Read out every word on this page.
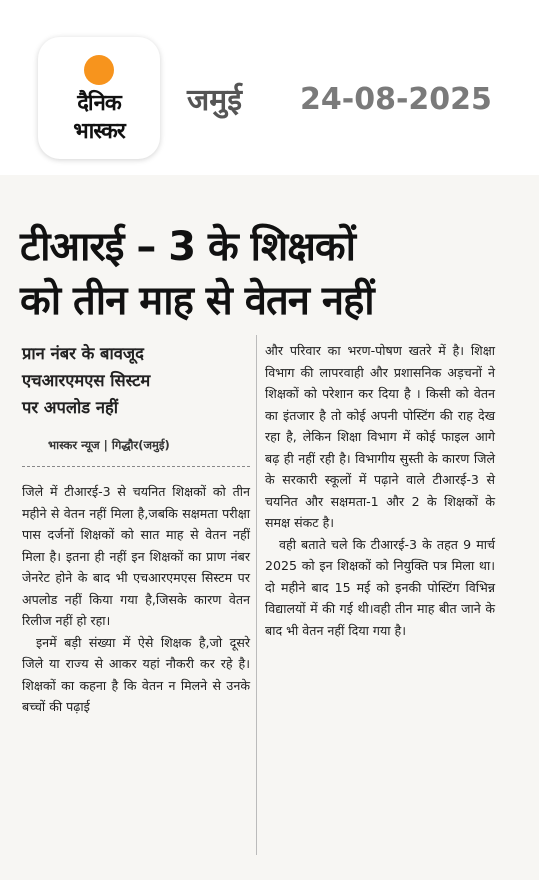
दैनिक
भास्कर
जमुई 24-08-2025
टीआरई – 3 के शिक्षकों
को तीन माह से वेतन नहीं
प्रान नंबर के बावजूद
एचआरएमएस सिस्टम
पर अपलोड नहीं
भास्कर न्यूज | गिद्धौर(जमुई)

जिले में टीआरई-3 से चयनित शिक्षकों को तीन महीने से वेतन नहीं मिला है,जबकि सक्षमता परीक्षा पास दर्जनों शिक्षकों को सात माह से वेतन नहीं मिला है। इतना ही नहीं इन शिक्षकों का प्राण नंबर जेनरेट होने के बाद भी एचआरएमएस सिस्टम पर अपलोड नहीं किया गया है,जिसके कारण वेतन रिलीज नहीं हो रहा।

इनमें बड़ी संख्या में ऐसे शिक्षक है,जो दूसरे जिले या राज्य से आकर यहां नौकरी कर रहे है। शिक्षकों का कहना है कि वेतन न मिलने से उनके बच्चों की पढ़ाई

और परिवार का भरण-पोषण खतरे में है। शिक्षा विभाग की लापरवाही और प्रशासनिक अड़चनों ने शिक्षकों को परेशान कर दिया है । किसी को वेतन का इंतजार है तो कोई अपनी पोस्टिंग की राह देख रहा है, लेकिन शिक्षा विभाग में कोई फाइल आगे बढ़ ही नहीं रही है। विभागीय सुस्ती के कारण जिले के सरकारी स्कूलों में पढ़ाने वाले टीआरई-3 से चयनित और सक्षमता-1 और 2 के शिक्षकों के समक्ष संकट है।

वही बताते चले कि टीआरई-3 के तहत 9 मार्च 2025 को इन शिक्षकों को नियुक्ति पत्र मिला था।दो महीने बाद 15 मई को इनकी पोस्टिंग विभिन्न विद्यालयों में की गई थी।वही तीन माह बीत जाने के बाद भी वेतन नहीं दिया गया है।
